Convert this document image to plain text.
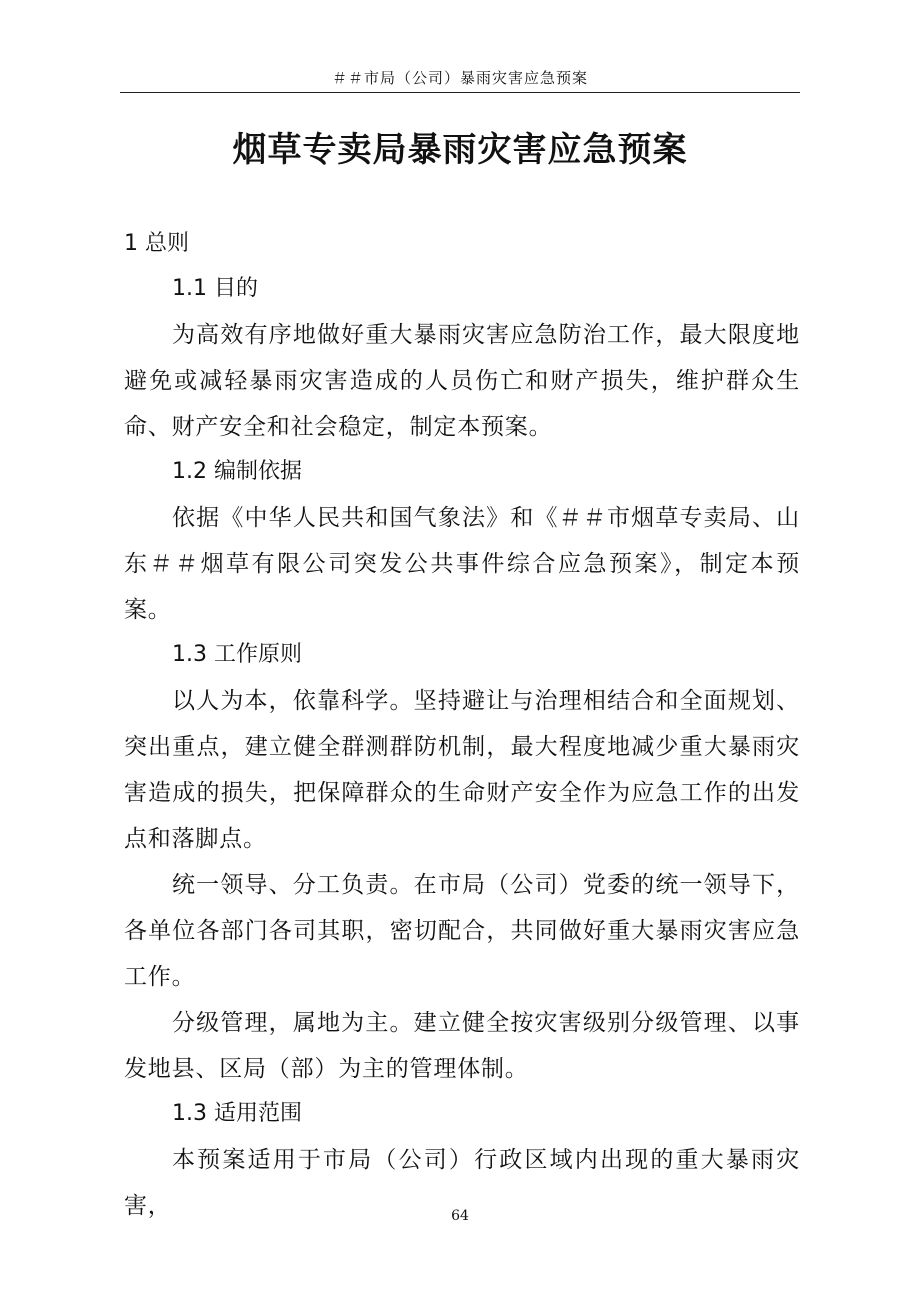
＃＃市局（公司）暴雨灾害应急预案
烟草专卖局暴雨灾害应急预案
1 总则
1.1 目的

为高效有序地做好重大暴雨灾害应急防治工作，最大限度地避免或减轻暴雨灾害造成的人员伤亡和财产损失，维护群众生命、财产安全和社会稳定，制定本预案。

1.2 编制依据

依据《中华人民共和国气象法》和《＃＃市烟草专卖局、山东＃＃烟草有限公司突发公共事件综合应急预案》，制定本预案。

1.3 工作原则

以人为本，依靠科学。坚持避让与治理相结合和全面规划、突出重点，建立健全群测群防机制，最大程度地减少重大暴雨灾害造成的损失，把保障群众的生命财产安全作为应急工作的出发点和落脚点。

统一领导、分工负责。在市局（公司）党委的统一领导下，各单位各部门各司其职，密切配合，共同做好重大暴雨灾害应急工作。

分级管理，属地为主。建立健全按灾害级别分级管理、以事发地县、区局（部）为主的管理体制。

1.3 适用范围

本预案适用于市局（公司）行政区域内出现的重大暴雨灾害，	64
